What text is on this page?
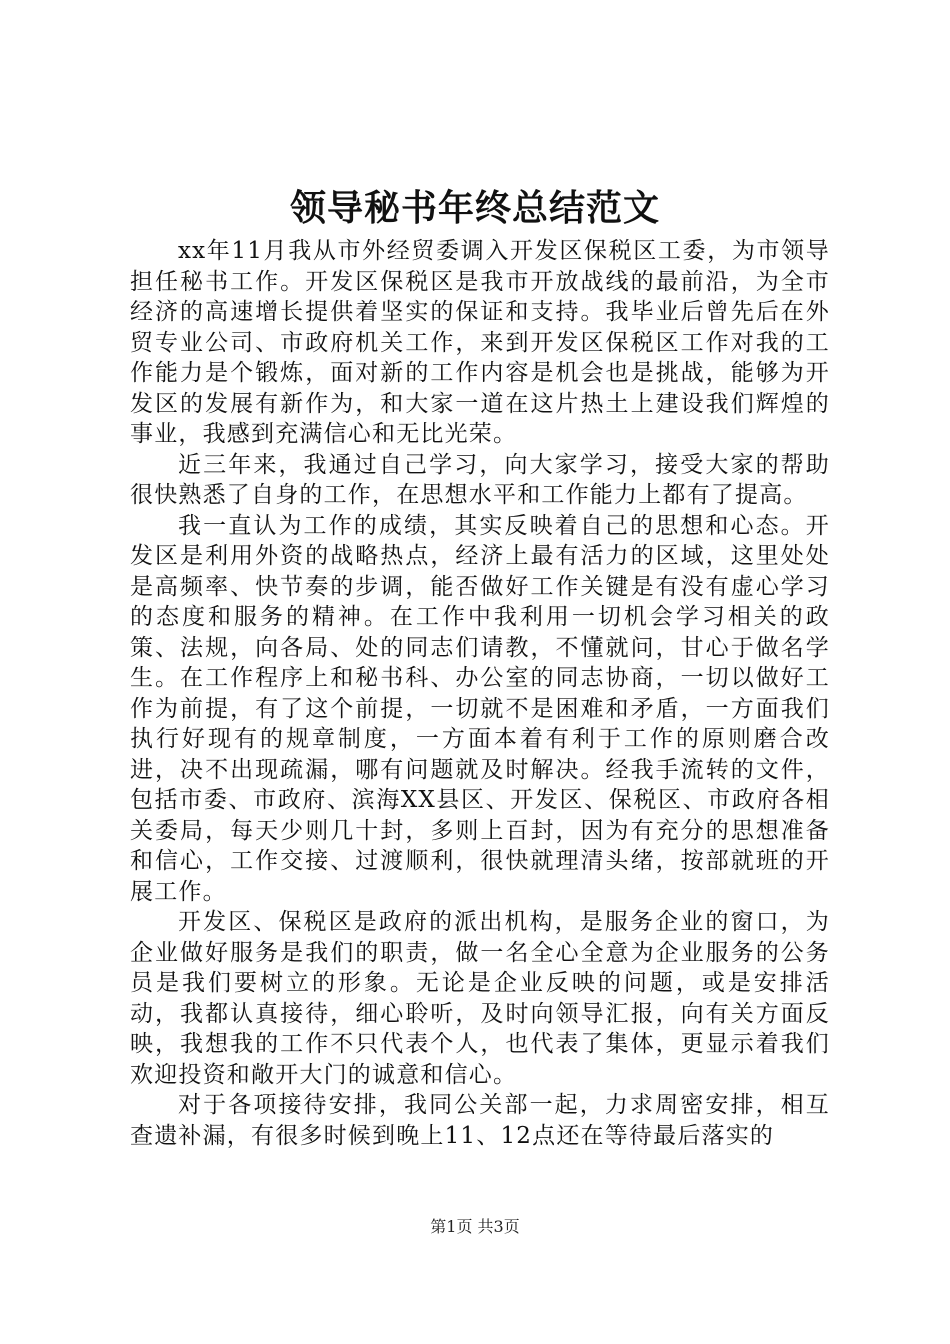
领导秘书年终总结范文

xx年11月我从市外经贸委调入开发区保税区工委，为市领导担任秘书工作。开发区保税区是我市开放战线的最前沿，为全市经济的高速增长提供着坚实的保证和支持。我毕业后曾先后在外贸专业公司、市政府机关工作，来到开发区保税区工作对我的工作能力是个锻炼，面对新的工作内容是机会也是挑战，能够为开发区的发展有新作为，和大家一道在这片热土上建设我们辉煌的事业，我感到充满信心和无比光荣。

近三年来，我通过自己学习，向大家学习，接受大家的帮助很快熟悉了自身的工作，在思想水平和工作能力上都有了提高。

我一直认为工作的成绩，其实反映着自己的思想和心态。开发区是利用外资的战略热点，经济上最有活力的区域，这里处处是高频率、快节奏的步调，能否做好工作关键是有没有虚心学习的态度和服务的精神。在工作中我利用一切机会学习相关的政策、法规，向各局、处的同志们请教，不懂就问，甘心于做名学生。在工作程序上和秘书科、办公室的同志协商，一切以做好工作为前提，有了这个前提，一切就不是困难和矛盾，一方面我们执行好现有的规章制度，一方面本着有利于工作的原则磨合改进，决不出现疏漏，哪有问题就及时解决。经我手流转的文件，包括市委、市政府、滨海XX县区、开发区、保税区、市政府各相关委局，每天少则几十封，多则上百封，因为有充分的思想准备和信心，工作交接、过渡顺利，很快就理清头绪，按部就班的开展工作。

开发区、保税区是政府的派出机构，是服务企业的窗口，为企业做好服务是我们的职责，做一名全心全意为企业服务的公务员是我们要树立的形象。无论是企业反映的问题，或是安排活动，我都认真接待，细心聆听，及时向领导汇报，向有关方面反映，我想我的工作不只代表个人，也代表了集体，更显示着我们欢迎投资和敞开大门的诚意和信心。

对于各项接待安排，我同公关部一起，力求周密安排，相互查遗补漏，有很多时候到晚上11、12点还在等待最后落实的

第1页 共3页
